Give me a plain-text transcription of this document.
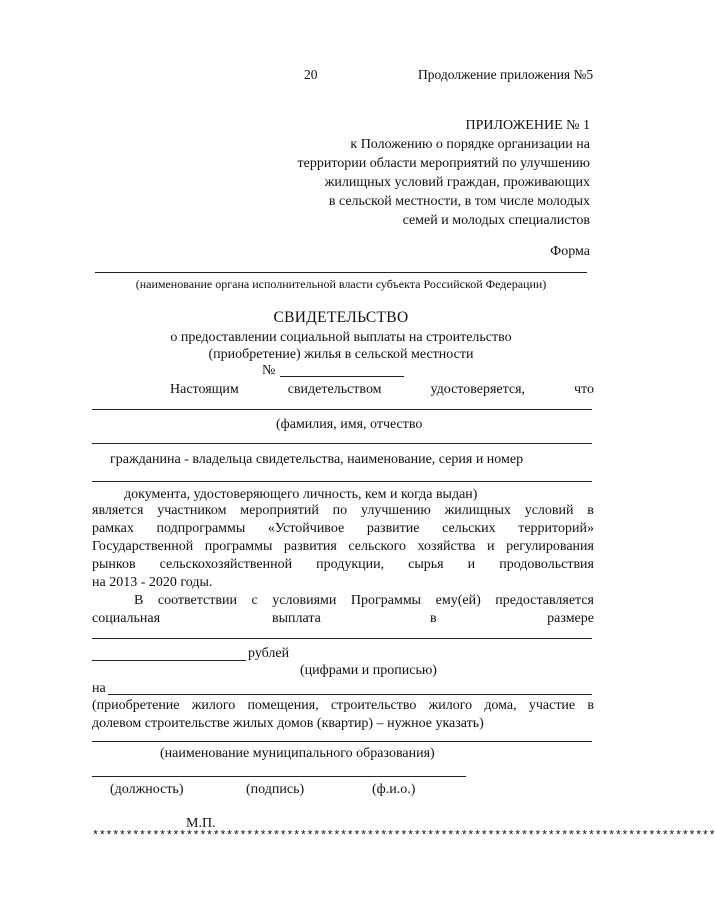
20	Продолжение приложения №5
ПРИЛОЖЕНИЕ № 1
к Положению о порядке организации на
территории области мероприятий по улучшению
жилищных условий граждан, проживающих
в сельской местности, в том числе молодых
семей и молодых специалистов
Форма
(наименование органа исполнительной власти субъекта Российской Федерации)
СВИДЕТЕЛЬСТВО
о предоставлении социальной выплаты на строительство
(приобретение) жилья в сельской местности
№
Настоящим	свидетельством	удостоверяется,	что
(фамилия, имя, отчество
гражданина - владельца свидетельства, наименование, серия и номер
документа, удостоверяющего личность, кем и когда выдан)
является участником мероприятий по улучшению жилищных условий в
рамках подпрограммы «Устойчивое развитие сельских территорий»
Государственной программы развития сельского хозяйства и регулирования
рынков сельскохозяйственной продукции, сырья и продовольствия
на 2013 - 2020 годы.
В соответствии с условиями Программы ему(ей) предоставляется
социальная	выплата	в	размере
рублей
(цифрами и прописью)
на
(приобретение жилого помещения, строительство жилого дома, участие в
долевом строительстве жилых домов (квартир) – нужное указать)
(наименование муниципального образования)
(должность)	(подпись)	(ф.и.о.)
М.П.
*********************************************************************************************
